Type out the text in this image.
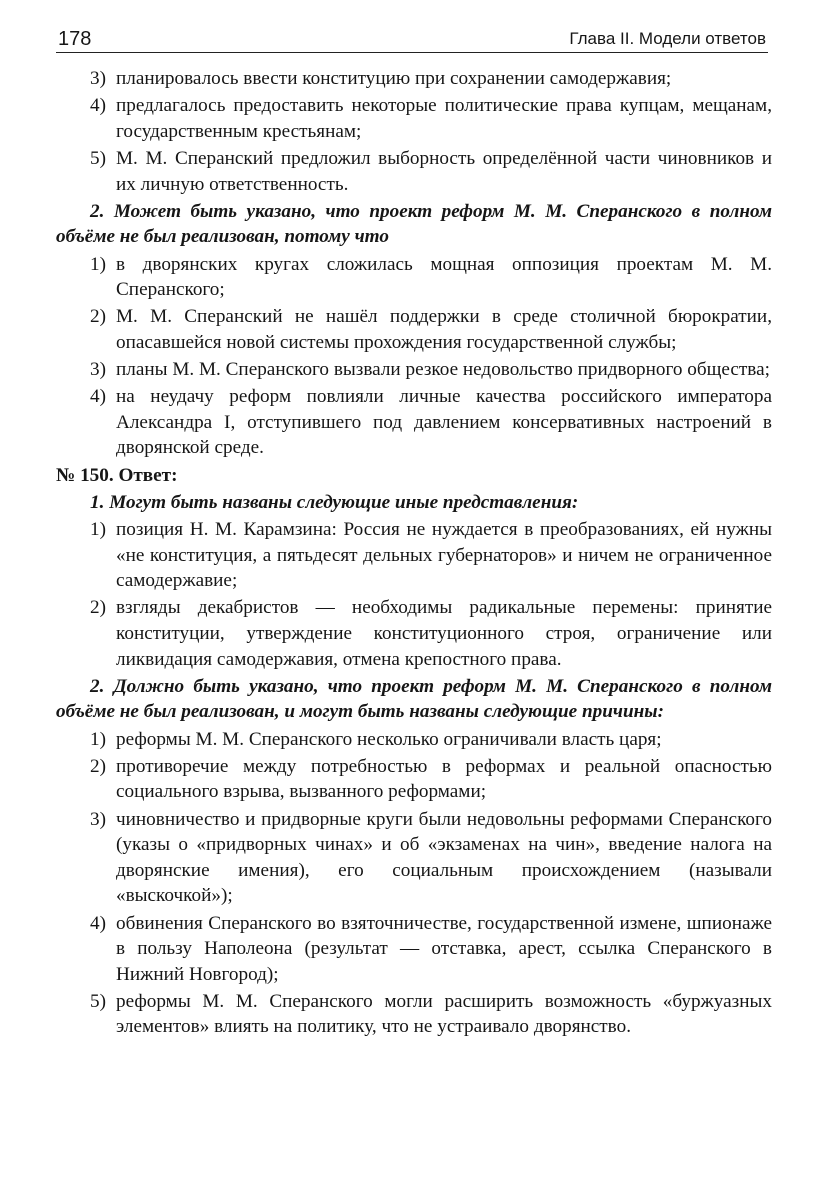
178	Глава II. Модели ответов
3) планировалось ввести конституцию при сохранении самодержавия;
4) предлагалось предоставить некоторые политические права купцам, мещанам, государственным крестьянам;
5) М. М. Сперанский предложил выборность определённой части чиновников и их личную ответственность.
2. Может быть указано, что проект реформ М. М. Сперанского в полном объёме не был реализован, потому что
1) в дворянских кругах сложилась мощная оппозиция проектам М. М. Сперанского;
2) М. М. Сперанский не нашёл поддержки в среде столичной бюрократии, опасавшейся новой системы прохождения государственной службы;
3) планы М. М. Сперанского вызвали резкое недовольство придворного общества;
4) на неудачу реформ повлияли личные качества российского императора Александра I, отступившего под давлением консервативных настроений в дворянской среде.
№ 150. Ответ:
1. Могут быть названы следующие иные представления:
1) позиция Н. М. Карамзина: Россия не нуждается в преобразованиях, ей нужны «не конституция, а пятьдесят дельных губернаторов» и ничем не ограниченное самодержавие;
2) взгляды декабристов — необходимы радикальные перемены: принятие конституции, утверждение конституционного строя, ограничение или ликвидация самодержавия, отмена крепостного права.
2. Должно быть указано, что проект реформ М. М. Сперанского в полном объёме не был реализован, и могут быть названы следующие причины:
1) реформы М. М. Сперанского несколько ограничивали власть царя;
2) противоречие между потребностью в реформах и реальной опасностью социального взрыва, вызванного реформами;
3) чиновничество и придворные круги были недовольны реформами Сперанского (указы о «придворных чинах» и об «экзаменах на чин», введение налога на дворянские имения), его социальным происхождением (называли «выскочкой»);
4) обвинения Сперанского во взяточничестве, государственной измене, шпионаже в пользу Наполеона (результат — отставка, арест, ссылка Сперанского в Нижний Новгород);
5) реформы М. М. Сперанского могли расширить возможность «буржуазных элементов» влиять на политику, что не устраивало дворянство.
